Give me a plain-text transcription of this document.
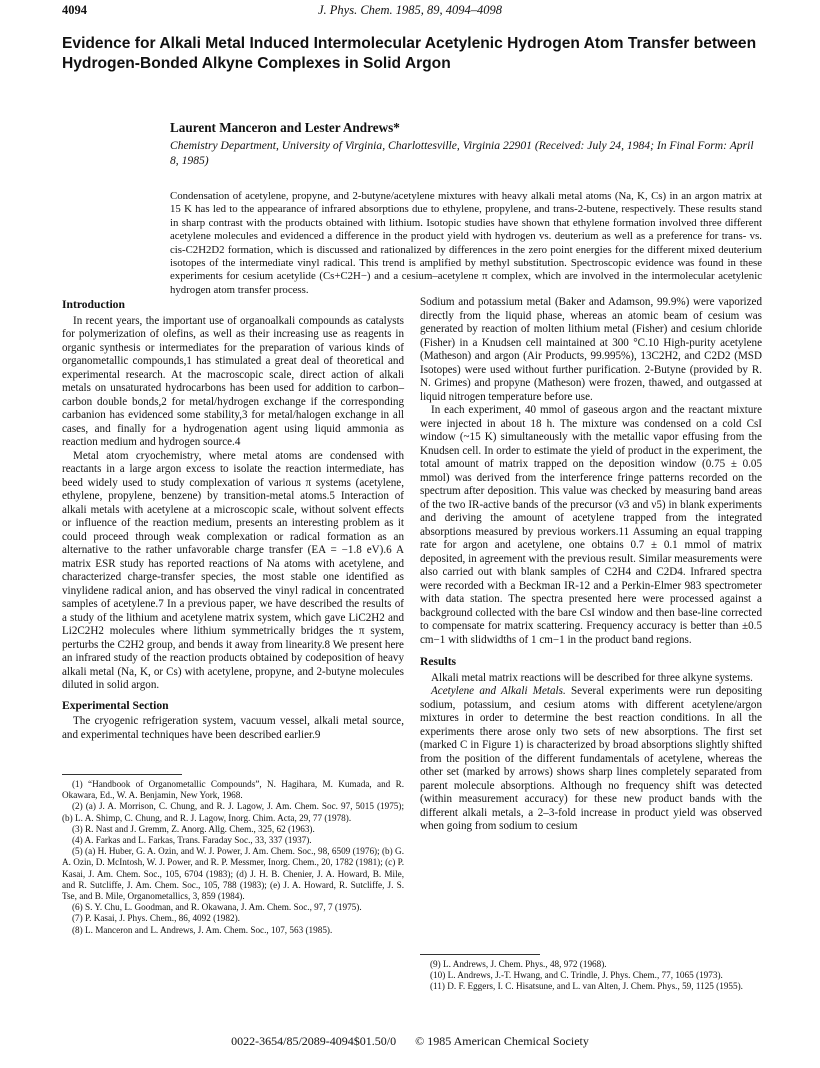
4094	J. Phys. Chem. 1985, 89, 4094–4098
Evidence for Alkali Metal Induced Intermolecular Acetylenic Hydrogen Atom Transfer between Hydrogen-Bonded Alkyne Complexes in Solid Argon
Laurent Manceron and Lester Andrews*
Chemistry Department, University of Virginia, Charlottesville, Virginia 22901 (Received: July 24, 1984; In Final Form: April 8, 1985)

Condensation of acetylene, propyne, and 2-butyne/acetylene mixtures with heavy alkali metal atoms (Na, K, Cs) in an argon matrix at 15 K has led to the appearance of infrared absorptions due to ethylene, propylene, and trans-2-butene, respectively. These results stand in sharp contrast with the products obtained with lithium. Isotopic studies have shown that ethylene formation involved three different acetylene molecules and evidenced a difference in the product yield with hydrogen vs. deuterium as well as a preference for trans- vs. cis-C2H2D2 formation, which is discussed and rationalized by differences in the zero point energies for the different mixed deuterium isotopes of the intermediate vinyl radical. This trend is amplified by methyl substitution. Spectroscopic evidence was found in these experiments for cesium acetylide (Cs+C2H−) and a cesium–acetylene π complex, which are involved in the intermolecular acetylenic hydrogen atom transfer process.

Introduction

In recent years, the important use of organoalkali compounds as catalysts for polymerization of olefins, as well as their increasing use as reagents in organic synthesis or intermediates for the preparation of various kinds of organometallic compounds,1 has stimulated a great deal of theoretical and experimental research. At the macroscopic scale, direct action of alkali metals on unsaturated hydrocarbons has been used for addition to carbon–carbon double bonds,2 for metal/hydrogen exchange if the corresponding carbanion has evidenced some stability,3 for metal/halogen exchange in all cases, and finally for a hydrogenation agent using liquid ammonia as reaction medium and hydrogen source.4

Metal atom cryochemistry, where metal atoms are condensed with reactants in a large argon excess to isolate the reaction intermediate, has beed widely used to study complexation of various π systems (acetylene, ethylene, propylene, benzene) by transition-metal atoms.5 Interaction of alkali metals with acetylene at a microscopic scale, without solvent effects or influence of the reaction medium, presents an interesting problem as it could proceed through weak complexation or radical formation as an alternative to the rather unfavorable charge transfer (EA = −1.8 eV).6 A matrix ESR study has reported reactions of Na atoms with acetylene, and characterized charge-transfer species, the most stable one identified as vinylidene radical anion, and has observed the vinyl radical in concentrated samples of acetylene.7 In a previous paper, we have described the results of a study of the lithium and acetylene matrix system, which gave LiC2H2 and Li2C2H2 molecules where lithium symmetrically bridges the π system, perturbs the C2H2 group, and bends it away from linearity.8 We present here an infrared study of the reaction products obtained by codeposition of heavy alkali metal (Na, K, or Cs) with acetylene, propyne, and 2-butyne molecules diluted in solid argon.

Experimental Section

The cryogenic refrigeration system, vacuum vessel, alkali metal source, and experimental techniques have been described earlier.9

(1) “Handbook of Organometallic Compounds”, N. Hagihara, M. Kumada, and R. Okawara, Ed., W. A. Benjamin, New York, 1968.

(2) (a) J. A. Morrison, C. Chung, and R. J. Lagow, J. Am. Chem. Soc. 97, 5015 (1975); (b) L. A. Shimp, C. Chung, and R. J. Lagow, Inorg. Chim. Acta, 29, 77 (1978).

(3) R. Nast and J. Gremm, Z. Anorg. Allg. Chem., 325, 62 (1963).

(4) A. Farkas and L. Farkas, Trans. Faraday Soc., 33, 337 (1937).

(5) (a) H. Huber, G. A. Ozin, and W. J. Power, J. Am. Chem. Soc., 98, 6509 (1976); (b) G. A. Ozin, D. McIntosh, W. J. Power, and R. P. Messmer, Inorg. Chem., 20, 1782 (1981); (c) P. Kasai, J. Am. Chem. Soc., 105, 6704 (1983); (d) J. H. B. Chenier, J. A. Howard, B. Mile, and R. Sutcliffe, J. Am. Chem. Soc., 105, 788 (1983); (e) J. A. Howard, R. Sutcliffe, J. S. Tse, and B. Mile, Organometallics, 3, 859 (1984).

(6) S. Y. Chu, L. Goodman, and R. Okawana, J. Am. Chem. Soc., 97, 7 (1975).

(7) P. Kasai, J. Phys. Chem., 86, 4092 (1982).

(8) L. Manceron and L. Andrews, J. Am. Chem. Soc., 107, 563 (1985).

Sodium and potassium metal (Baker and Adamson, 99.9%) were vaporized directly from the liquid phase, whereas an atomic beam of cesium was generated by reaction of molten lithium metal (Fisher) and cesium chloride (Fisher) in a Knudsen cell maintained at 300 °C.10 High-purity acetylene (Matheson) and argon (Air Products, 99.995%), 13C2H2, and C2D2 (MSD Isotopes) were used without further purification. 2-Butyne (provided by R. N. Grimes) and propyne (Matheson) were frozen, thawed, and outgassed at liquid nitrogen temperature before use.

In each experiment, 40 mmol of gaseous argon and the reactant mixture were injected in about 18 h. The mixture was condensed on a cold CsI window (~15 K) simultaneously with the metallic vapor effusing from the Knudsen cell. In order to estimate the yield of product in the experiment, the total amount of matrix trapped on the deposition window (0.75 ± 0.05 mmol) was derived from the interference fringe patterns recorded on the spectrum after deposition. This value was checked by measuring band areas of the two IR-active bands of the precursor (ν3 and ν5) in blank experiments and deriving the amount of acetylene trapped from the integrated absorptions measured by previous workers.11 Assuming an equal trapping rate for argon and acetylene, one obtains 0.7 ± 0.1 mmol of matrix deposited, in agreement with the previous result. Similar measurements were also carried out with blank samples of C2H4 and C2D4. Infrared spectra were recorded with a Beckman IR-12 and a Perkin-Elmer 983 spectrometer with data station. The spectra presented here were processed against a background collected with the bare CsI window and then base-line corrected to compensate for matrix scattering. Frequency accuracy is better than ±0.5 cm−1 with slidwidths of 1 cm−1 in the product band regions.

Results

Alkali metal matrix reactions will be described for three alkyne systems.

Acetylene and Alkali Metals. Several experiments were run depositing sodium, potassium, and cesium atoms with different acetylene/argon mixtures in order to determine the best reaction conditions. In all the experiments there arose only two sets of new absorptions. The first set (marked C in Figure 1) is characterized by broad absorptions slightly shifted from the position of the different fundamentals of acetylene, whereas the other set (marked by arrows) shows sharp lines completely separated from parent molecule absorptions. Although no frequency shift was detected (within measurement accuracy) for these new product bands with the different alkali metals, a 2–3-fold increase in product yield was observed when going from sodium to cesium

(9) L. Andrews, J. Chem. Phys., 48, 972 (1968).

(10) L. Andrews, J.-T. Hwang, and C. Trindle, J. Phys. Chem., 77, 1065 (1973).

(11) D. F. Eggers, I. C. Hisatsune, and L. van Alten, J. Chem. Phys., 59, 1125 (1955).

0022-3654/85/2089-4094$01.50/0 © 1985 American Chemical Society
